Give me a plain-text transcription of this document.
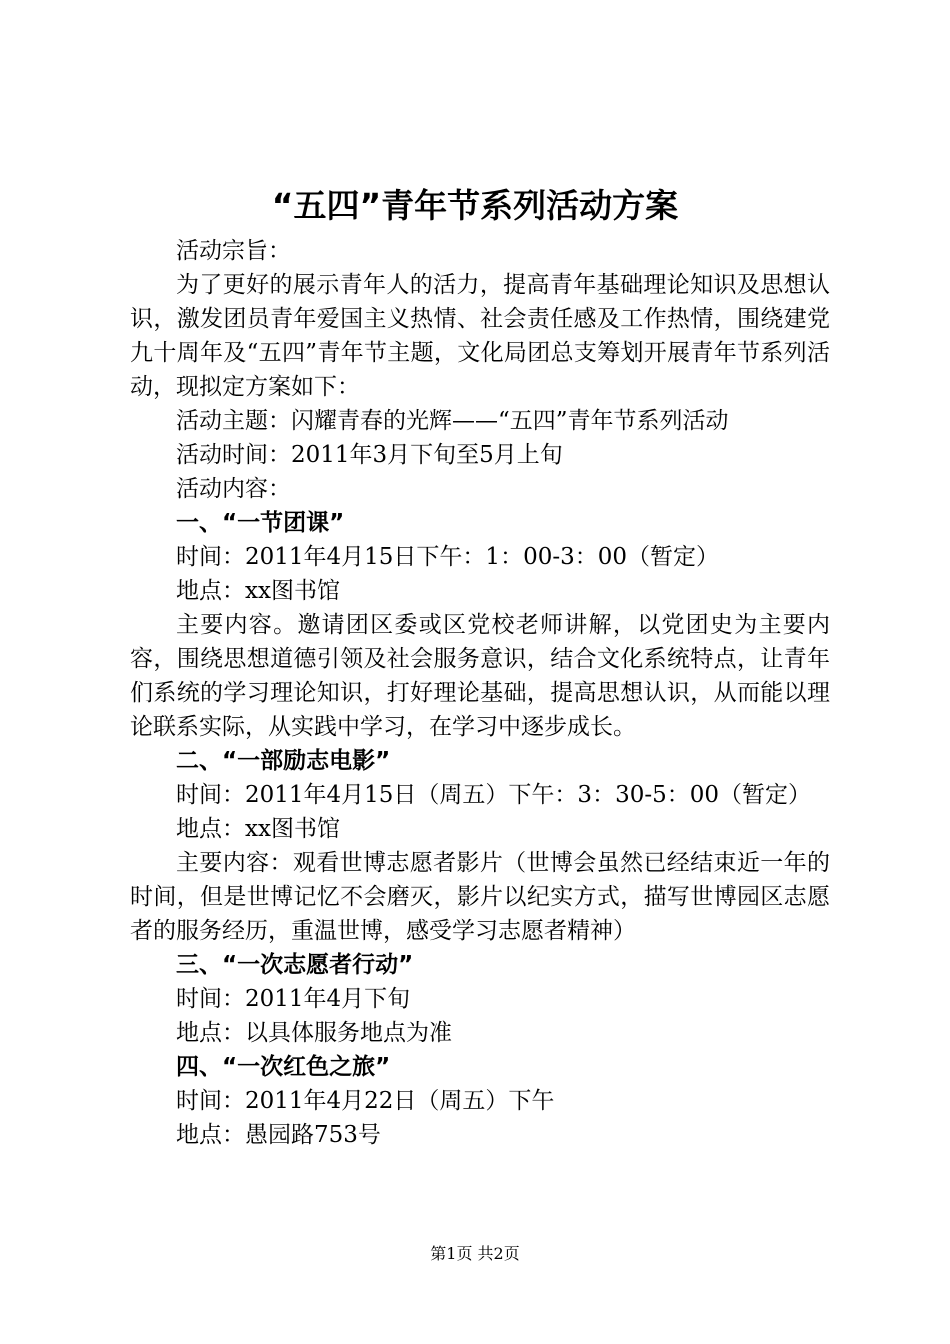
“五四”青年节系列活动方案

活动宗旨：

为了更好的展示青年人的活力，提高青年基础理论知识及思想认识，激发团员青年爱国主义热情、社会责任感及工作热情，围绕建党九十周年及“五四”青年节主题，文化局团总支筹划开展青年节系列活动，现拟定方案如下：

活动主题：闪耀青春的光辉——“五四”青年节系列活动

活动时间：2011年3月下旬至5月上旬

活动内容：

一、“一节团课”

时间：2011年4月15日下午：1：00-3：00（暂定）

地点：xx图书馆

主要内容。邀请团区委或区党校老师讲解，以党团史为主要内容，围绕思想道德引领及社会服务意识，结合文化系统特点，让青年们系统的学习理论知识，打好理论基础，提高思想认识，从而能以理论联系实际，从实践中学习，在学习中逐步成长。

二、“一部励志电影”

时间：2011年4月15日（周五）下午：3：30-5：00（暂定）

地点：xx图书馆

主要内容：观看世博志愿者影片（世博会虽然已经结束近一年的时间，但是世博记忆不会磨灭，影片以纪实方式，描写世博园区志愿者的服务经历，重温世博，感受学习志愿者精神）

三、“一次志愿者行动”

时间：2011年4月下旬

地点：以具体服务地点为准

四、“一次红色之旅”

时间：2011年4月22日（周五）下午

地点：愚园路753号

第1页 共2页
